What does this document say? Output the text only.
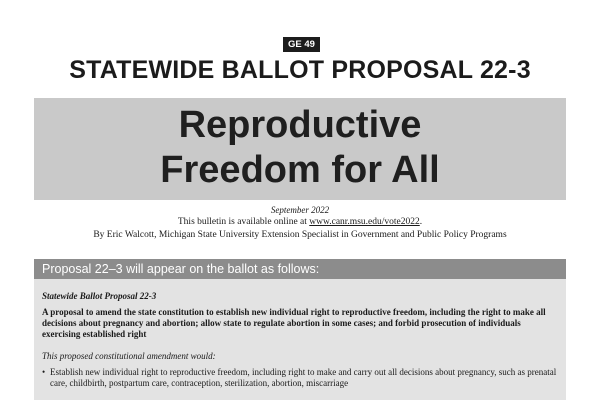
GE 49
STATEWIDE BALLOT PROPOSAL 22-3
Reproductive
Freedom for All
September 2022
This bulletin is available online at www.canr.msu.edu/vote2022.
By Eric Walcott, Michigan State University Extension Specialist in Government and Public Policy Programs
Proposal 22–3 will appear on the ballot as follows:
Statewide Ballot Proposal 22-3
A proposal to amend the state constitution to establish new individual right to reproductive freedom, including the right to make all decisions about pregnancy and abortion; allow state to regulate abortion in some cases; and forbid prosecution of individuals exercising established right
This proposed constitutional amendment would:
• Establish new individual right to reproductive freedom, including right to make and carry out all decisions about pregnancy, such as prenatal care, childbirth, postpartum care, contraception, sterilization, abortion, miscarriage
